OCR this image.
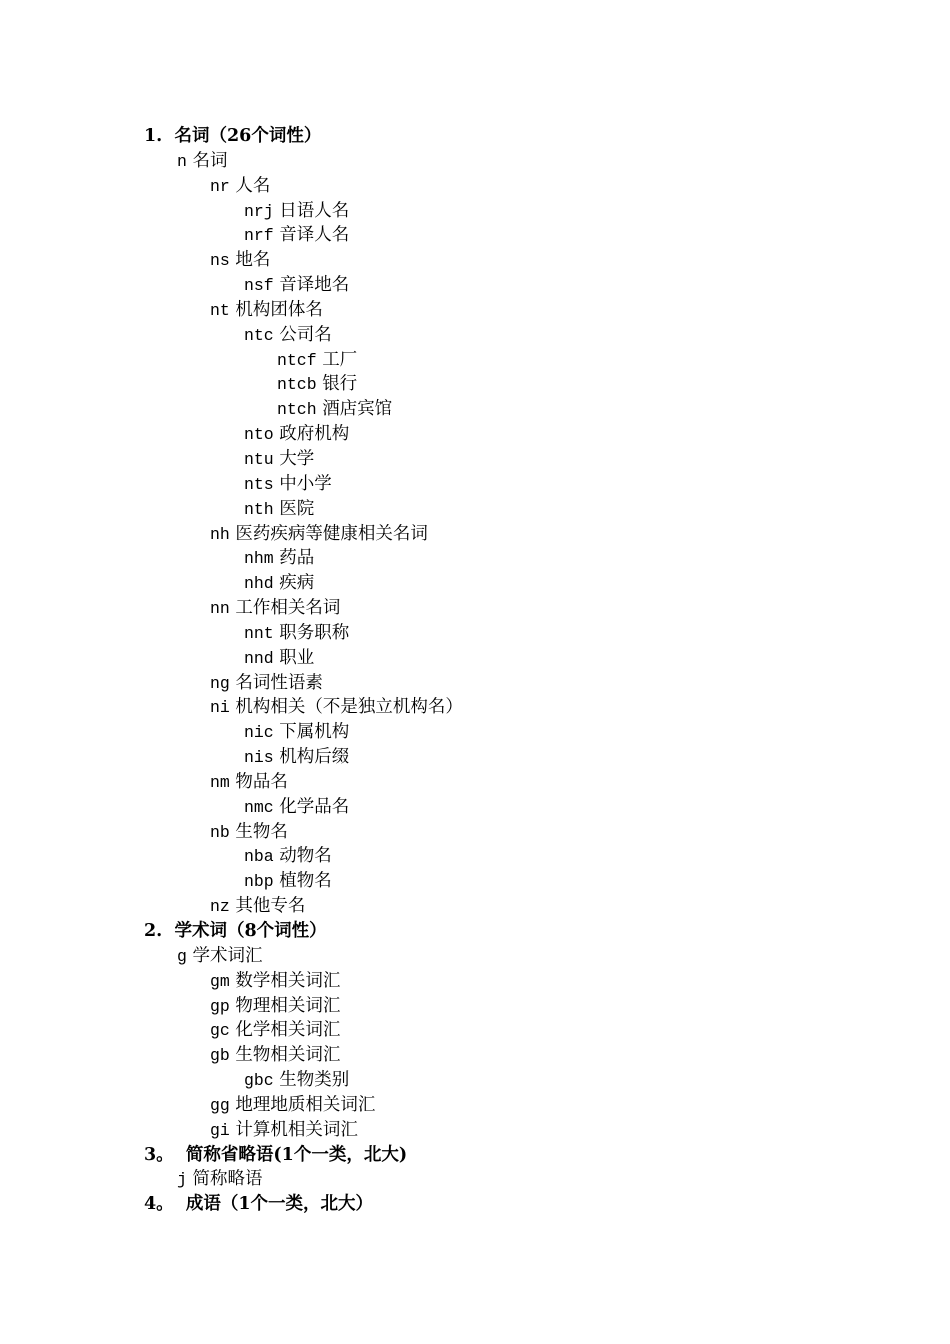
1. 名词（26个词性）
n 名词
nr 人名
nrj 日语人名
nrf 音译人名
ns 地名
nsf 音译地名
nt 机构团体名
ntc 公司名
ntcf 工厂
ntcb 银行
ntch 酒店宾馆
nto 政府机构
ntu 大学
nts 中小学
nth 医院
nh 医药疾病等健康相关名词
nhm 药品
nhd 疾病
nn 工作相关名词
nnt 职务职称
nnd 职业
ng 名词性语素
ni 机构相关（不是独立机构名）
nic 下属机构
nis 机构后缀
nm 物品名
nmc 化学品名
nb 生物名
nba 动物名
nbp 植物名
nz 其他专名
2. 学术词（8个词性）
g 学术词汇
gm 数学相关词汇
gp 物理相关词汇
gc 化学相关词汇
gb 生物相关词汇
gbc 生物类别
gg 地理地质相关词汇
gi 计算机相关词汇
3。 简称省略语(1个一类，北大)
j 简称略语
4。 成语（1个一类，北大）
